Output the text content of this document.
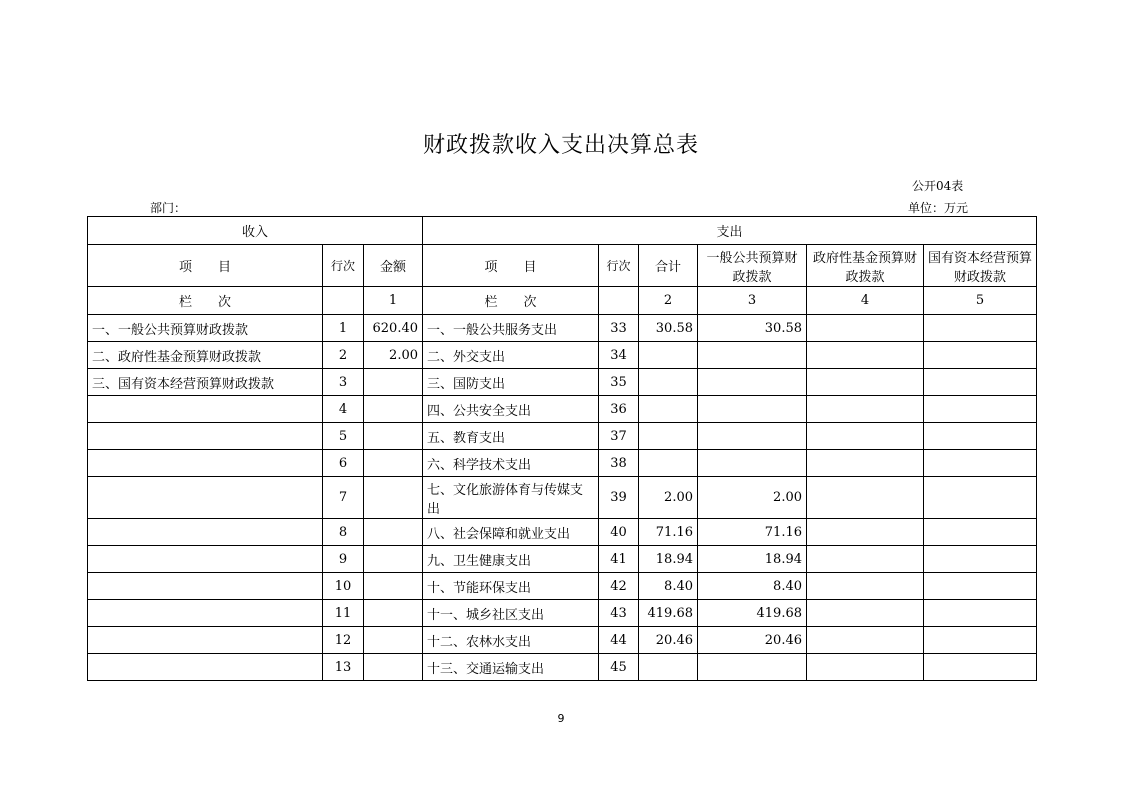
财政拨款收入支出决算总表
公开04表
部门：	单位：万元
收入			支出					
项　　目	行次	金额	项　　目	行次	合计	一般公共预算财政拨款	政府性基金预算财政拨款	国有资本经营预算财政拨款
栏　　次		1	栏　　次		2	3	4	5
一、一般公共预算财政拨款	1	620.40	一、一般公共服务支出	33	30.58	30.58		
二、政府性基金预算财政拨款	2	2.00	二、外交支出	34				
三、国有资本经营预算财政拨款	3		三、国防支出	35				
	4		四、公共安全支出	36				
	5		五、教育支出	37				
	6		六、科学技术支出	38				
	7		七、文化旅游体育与传媒支出	39	2.00	2.00		
	8		八、社会保障和就业支出	40	71.16	71.16		
	9		九、卫生健康支出	41	18.94	18.94		
	10		十、节能环保支出	42	8.40	8.40		
	11		十一、城乡社区支出	43	419.68	419.68		
	12		十二、农林水支出	44	20.46	20.46		
	13		十三、交通运输支出	45				
9
